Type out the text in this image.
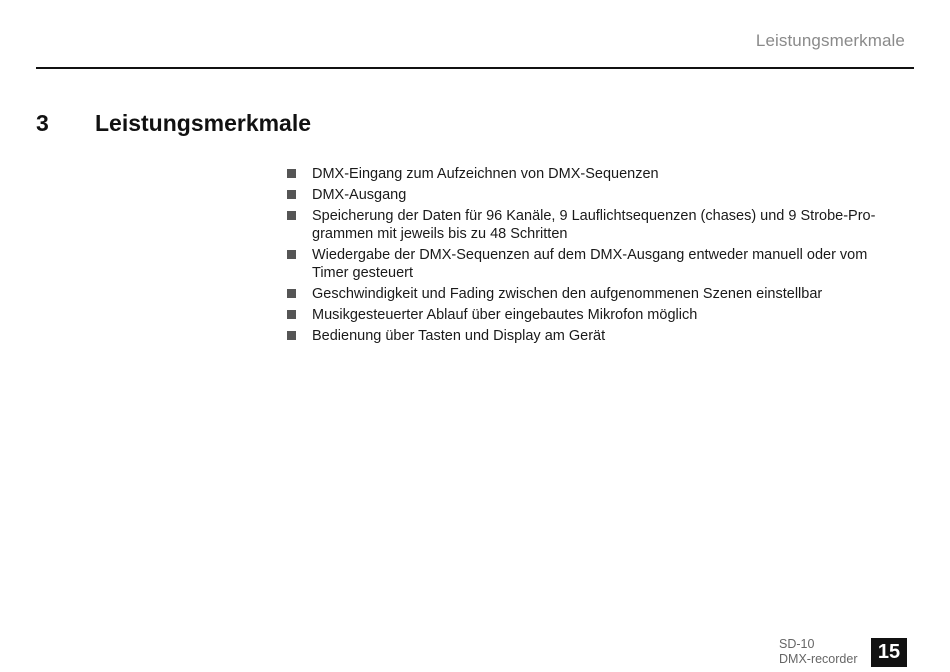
Leistungsmerkmale
3 Leistungsmerkmale
DMX-Eingang zum Aufzeichnen von DMX-Sequenzen
DMX-Ausgang
Speicherung der Daten für 96 Kanäle, 9 Lauflichtsequenzen (chases) und 9 Strobe-Pro-
grammen mit jeweils bis zu 48 Schritten
Wiedergabe der DMX-Sequenzen auf dem DMX-Ausgang entweder manuell oder vom Timer gesteuert
Geschwindigkeit und Fading zwischen den aufgenommenen Szenen einstellbar
Musikgesteuerter Ablauf über eingebautes Mikrofon möglich
Bedienung über Tasten und Display am Gerät
SD-10
DMX-recorder	15
